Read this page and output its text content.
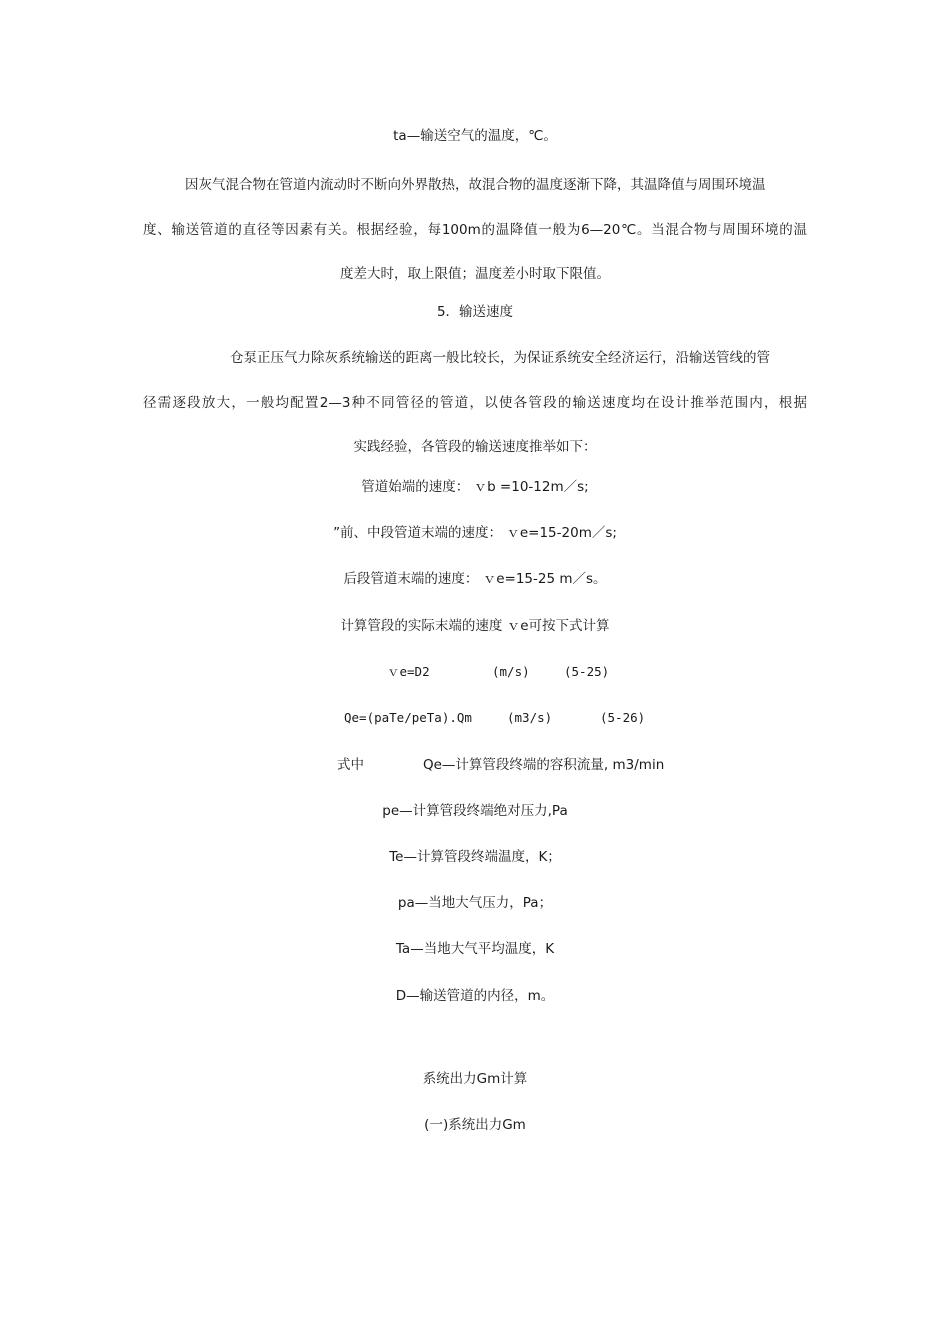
ta—输送空气的温度，℃。
因灰气混合物在管道内流动时不断向外界散热，故混合物的温度逐渐下降，其温降值与周围环境温
度、输送管道的直径等因素有关。根据经验，每100m的温降值一般为6—20℃。当混合物与周围环境的温
度差大时，取上限值；温度差小时取下限值。
5．输送速度
仓泵正压气力除灰系统输送的距离一般比较长，为保证系统安全经济运行，沿输送管线的管
径需逐段放大，一般均配置2—3种不同管径的管道，以使各管段的输送速度均在设计推举范围内，根据
实践经验，各管段的输送速度推举如下：
管道始端的速度： ｖb =10-12m／s;
”前、中段管道末端的速度： ｖe=15-20m／s;
后段管道末端的速度： ｖe=15-25 m／s。
计算管段的实际末端的速度 ｖe可按下式计算
ｖe=D2	(m/s)	(5-25)
Qe=(paTe/peTa).Qm	(m3/s)	(5-26)
式中	Qe—计算管段终端的容积流量, m3/min
pe—计算管段终端绝对压力,Pa
Te—计算管段终端温度，K；
pa—当地大气压力，Pa；
Ta—当地大气平均温度，K
D—输送管道的内径，m。
系统出力Gm计算
(一)系统出力Gm
